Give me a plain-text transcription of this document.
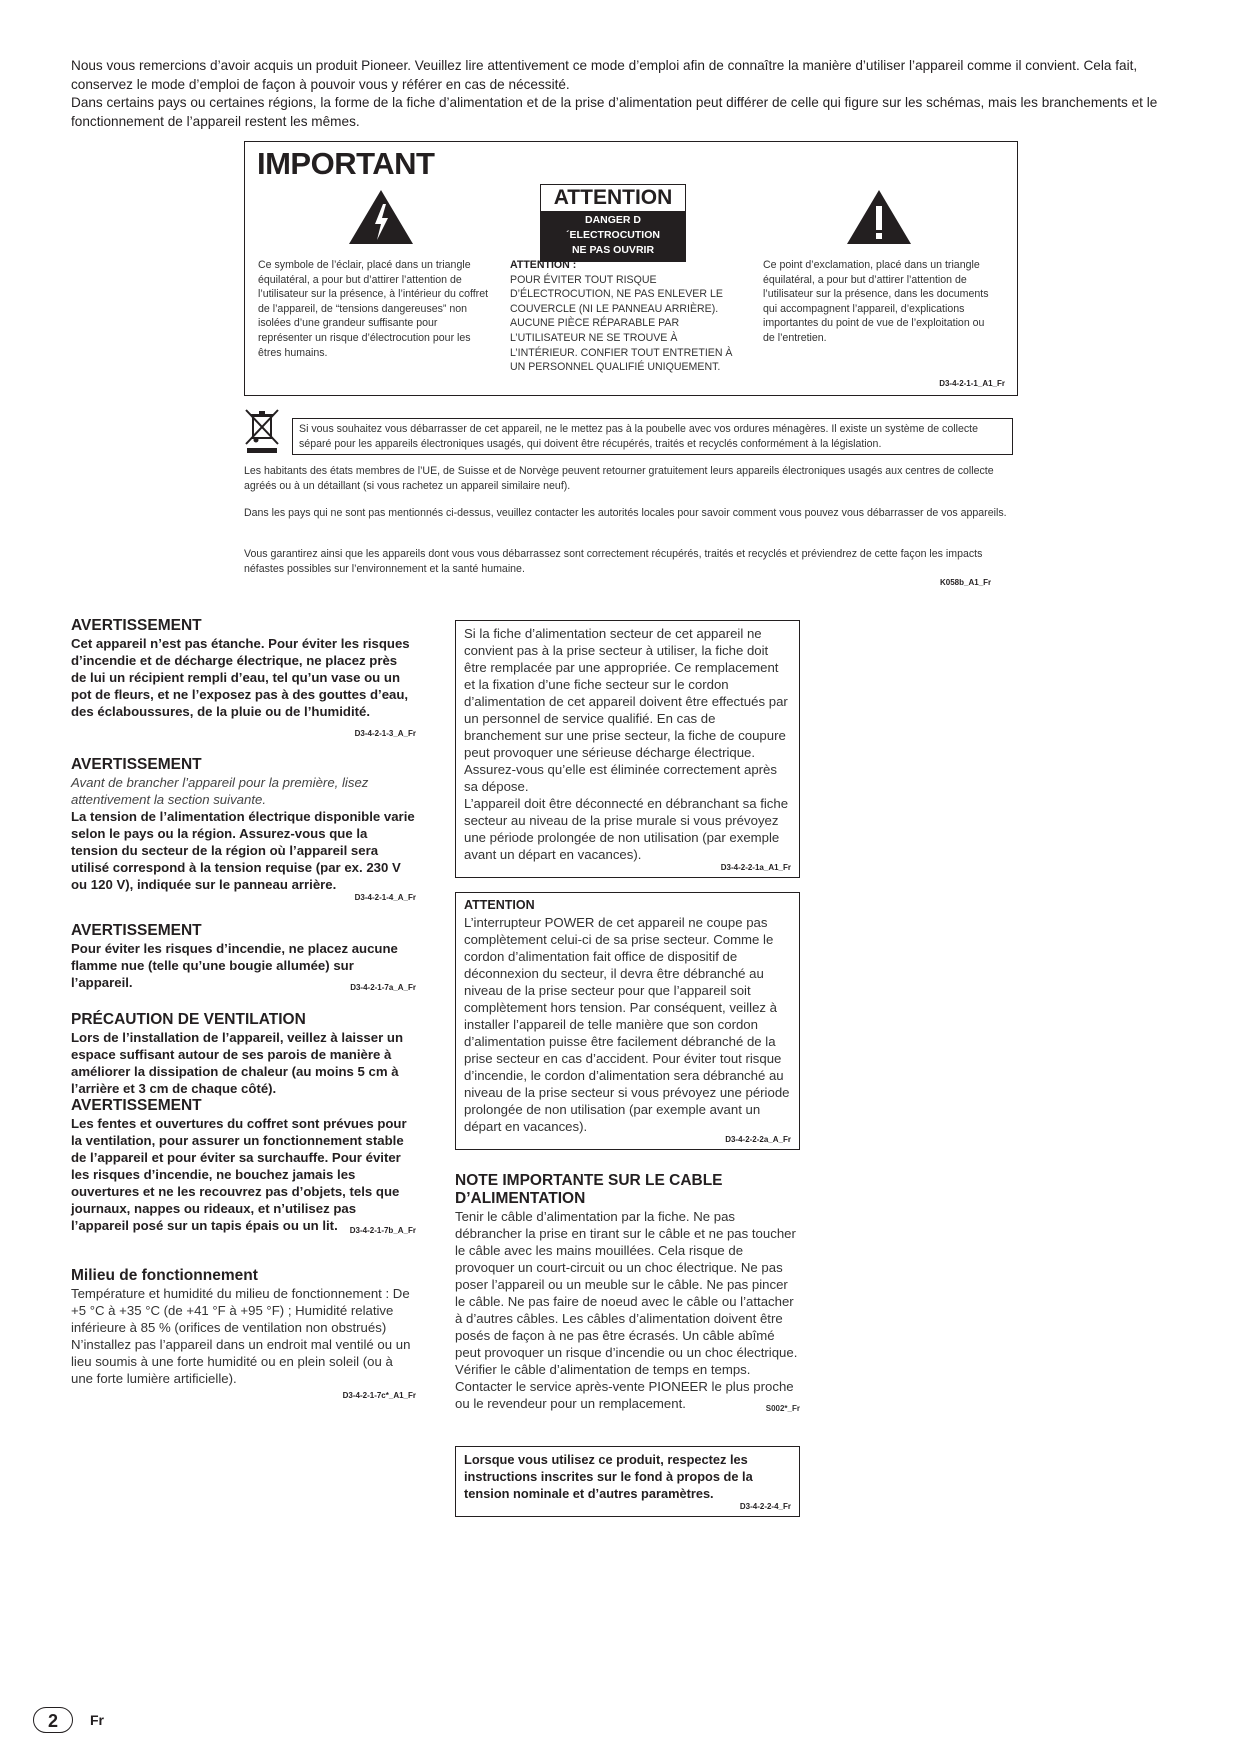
Nous vous remercions d’avoir acquis un produit Pioneer. Veuillez lire attentivement ce mode d’emploi afin de connaître la manière d’utiliser l’appareil comme il convient. Cela fait, conservez le mode d’emploi de façon à pouvoir vous y référer en cas de nécessité.

Dans certains pays ou certaines régions, la forme de la fiche d’alimentation et de la prise d’alimentation peut différer de celle qui figure sur les schémas, mais les branchements et le fonctionnement de l’appareil restent les mêmes.

IMPORTANT
ATTENTION
DANGER D´ELECTROCUTION
NE PAS OUVRIR

Ce symbole de l’éclair, placé dans un triangle équilatéral, a pour but d’attirer l’attention de l’utilisateur sur la présence, à l’intérieur du coffret de l’appareil, de “tensions dangereuses” non isolées d’une grandeur suffisante pour représenter un risque d’électrocution pour les êtres humains.

ATTENTION :

POUR ÉVITER TOUT RISQUE D’ÉLECTROCUTION, NE PAS ENLEVER LE COUVERCLE (NI LE PANNEAU ARRIÈRE). AUCUNE PIÈCE RÉPARABLE PAR L’UTILISATEUR NE SE TROUVE À L’INTÉRIEUR. CONFIER TOUT ENTRETIEN À UN PERSONNEL QUALIFIÉ UNIQUEMENT.

Ce point d’exclamation, placé dans un triangle équilatéral, a pour but d’attirer l’attention de l’utilisateur sur la présence, dans les documents qui accompagnent l’appareil, d’explications importantes du point de vue de l’exploitation ou de l’entretien.

D3-4-2-1-1_A1_Fr
Si vous souhaitez vous débarrasser de cet appareil, ne le mettez pas à la poubelle avec vos ordures ménagères. Il existe un système de collecte séparé pour les appareils électroniques usagés, qui doivent être récupérés, traités et recyclés conformément à la législation.
Les habitants des états membres de l’UE, de Suisse et de Norvège peuvent retourner gratuitement leurs appareils électroniques usagés aux centres de collecte agréés ou à un détaillant (si vous rachetez un appareil similaire neuf).
Dans les pays qui ne sont pas mentionnés ci-dessus, veuillez contacter les autorités locales pour savoir comment vous pouvez vous débarrasser de vos appareils.
Vous garantirez ainsi que les appareils dont vous vous débarrassez sont correctement récupérés, traités et recyclés et préviendrez de cette façon les impacts néfastes possibles sur l’environnement et la santé humaine.
K058b_A1_Fr
AVERTISSEMENT
Cet appareil n’est pas étanche. Pour éviter les risques d’incendie et de décharge électrique, ne placez près de lui un récipient rempli d’eau, tel qu’un vase ou un pot de fleurs, et ne l’exposez pas à des gouttes d’eau, des éclaboussures, de la pluie ou de l’humidité.
D3-4-2-1-3_A_Fr
AVERTISSEMENT
Avant de brancher l’appareil pour la première, lisez attentivement la section suivante.
La tension de l’alimentation électrique disponible varie selon le pays ou la région. Assurez-vous que la tension du secteur de la région où l’appareil sera utilisé correspond à la tension requise (par ex. 230 V ou 120 V), indiquée sur le panneau arrière.
D3-4-2-1-4_A_Fr
AVERTISSEMENT
Pour éviter les risques d’incendie, ne placez aucune flamme nue (telle qu’une bougie allumée) sur l’appareil.	D3-4-2-1-7a_A_Fr
PRÉCAUTION DE VENTILATION
Lors de l’installation de l’appareil, veillez à laisser un espace suffisant autour de ses parois de manière à améliorer la dissipation de chaleur (au moins 5 cm à l’arrière et 3 cm de chaque côté).
AVERTISSEMENT
Les fentes et ouvertures du coffret sont prévues pour la ventilation, pour assurer un fonctionnement stable de l’appareil et pour éviter sa surchauffe. Pour éviter les risques d’incendie, ne bouchez jamais les ouvertures et ne les recouvrez pas d’objets, tels que journaux, nappes ou rideaux, et n’utilisez pas l’appareil posé sur un tapis épais ou un lit. D3-4-2-1-7b_A_Fr
Milieu de fonctionnement
Température et humidité du milieu de fonctionnement : De +5 °C à +35 °C (de +41 °F à +95 °F) ; Humidité relative inférieure à 85 % (orifices de ventilation non obstrués)
N’installez pas l’appareil dans un endroit mal ventilé ou un lieu soumis à une forte humidité ou en plein soleil (ou à une forte lumière artificielle).
D3-4-2-1-7c*_A1_Fr
Si la fiche d’alimentation secteur de cet appareil ne convient pas à la prise secteur à utiliser, la fiche doit être remplacée par une appropriée. Ce remplacement et la fixation d’une fiche secteur sur le cordon d’alimentation de cet appareil doivent être effectués par un personnel de service qualifié. En cas de branchement sur une prise secteur, la fiche de coupure peut provoquer une sérieuse décharge électrique. Assurez-vous qu’elle est éliminée correctement après sa dépose.
L’appareil doit être déconnecté en débranchant sa fiche secteur au niveau de la prise murale si vous prévoyez une période prolongée de non utilisation (par exemple avant un départ en vacances).
D3-4-2-2-1a_A1_Fr
ATTENTION
L’interrupteur POWER de cet appareil ne coupe pas complètement celui-ci de sa prise secteur. Comme le cordon d’alimentation fait office de dispositif de déconnexion du secteur, il devra être débranché au niveau de la prise secteur pour que l’appareil soit complètement hors tension. Par conséquent, veillez à installer l’appareil de telle manière que son cordon d’alimentation puisse être facilement débranché de la prise secteur en cas d’accident. Pour éviter tout risque d’incendie, le cordon d’alimentation sera débranché au niveau de la prise secteur si vous prévoyez une période prolongée de non utilisation (par exemple avant un départ en vacances).
D3-4-2-2-2a_A_Fr
NOTE IMPORTANTE SUR LE CABLE D’ALIMENTATION
Tenir le câble d’alimentation par la fiche. Ne pas débrancher la prise en tirant sur le câble et ne pas toucher le câble avec les mains mouillées. Cela risque de provoquer un court-circuit ou un choc électrique. Ne pas poser l’appareil ou un meuble sur le câble. Ne pas pincer le câble. Ne pas faire de noeud avec le câble ou l’attacher à d’autres câbles. Les câbles d’alimentation doivent être posés de façon à ne pas être écrasés. Un câble abîmé peut provoquer un risque d’incendie ou un choc électrique. Vérifier le câble d’alimentation de temps en temps. Contacter le service après-vente PIONEER le plus proche ou le revendeur pour un remplacement.	S002*_Fr
Lorsque vous utilisez ce produit, respectez les instructions inscrites sur le fond à propos de la tension nominale et d’autres paramètres.
D3-4-2-2-4_Fr
2	Fr
